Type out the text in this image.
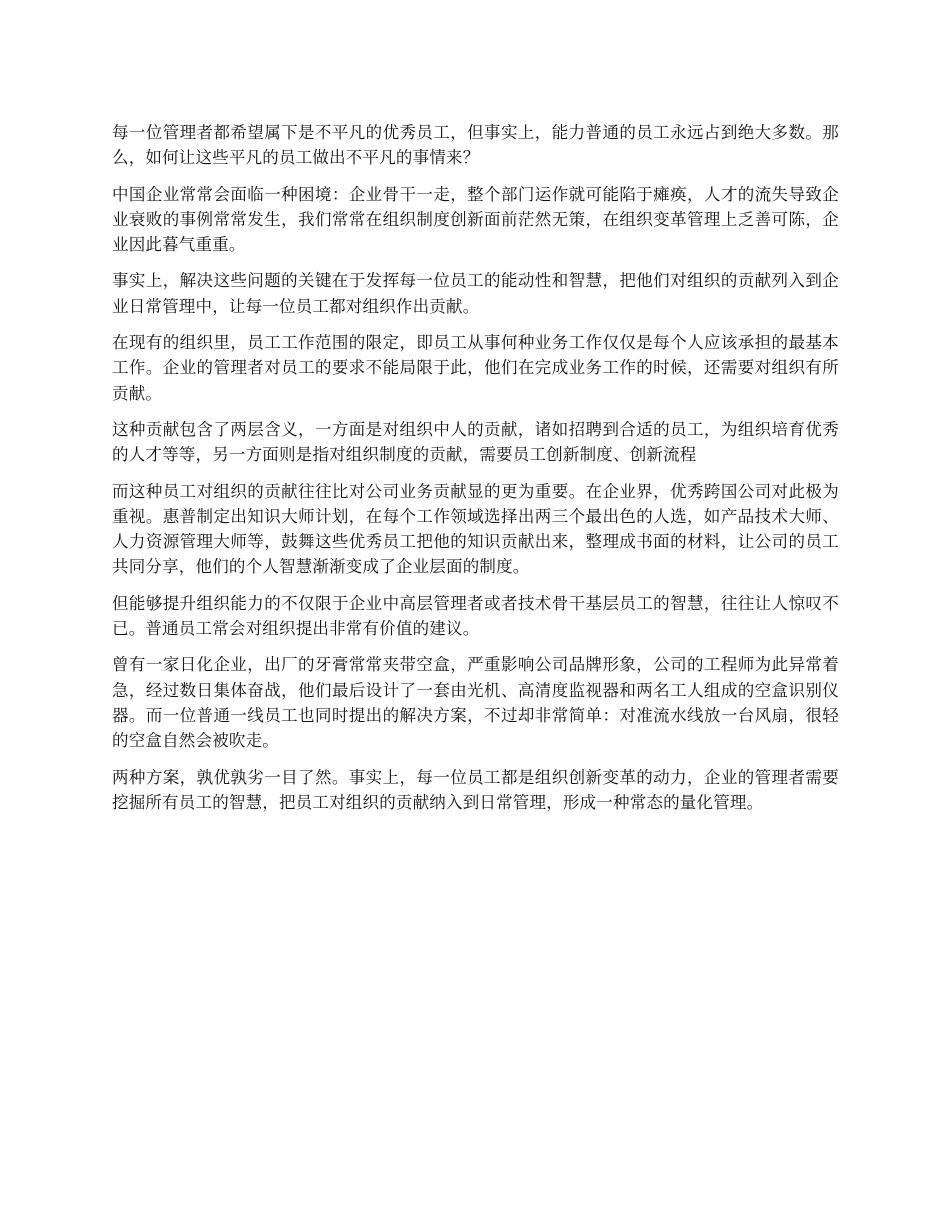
每一位管理者都希望属下是不平凡的优秀员工，但事实上，能力普通的员工永远占到绝大多数。那么，如何让这些平凡的员工做出不平凡的事情来？

中国企业常常会面临一种困境：企业骨干一走，整个部门运作就可能陷于瘫痪，人才的流失导致企业衰败的事例常常发生，我们常常在组织制度创新面前茫然无策，在组织变革管理上乏善可陈，企业因此暮气重重。

事实上，解决这些问题的关键在于发挥每一位员工的能动性和智慧，把他们对组织的贡献列入到企业日常管理中，让每一位员工都对组织作出贡献。

在现有的组织里，员工工作范围的限定，即员工从事何种业务工作仅仅是每个人应该承担的最基本工作。企业的管理者对员工的要求不能局限于此，他们在完成业务工作的时候，还需要对组织有所贡献。

这种贡献包含了两层含义，一方面是对组织中人的贡献，诸如招聘到合适的员工，为组织培育优秀的人才等等，另一方面则是指对组织制度的贡献，需要员工创新制度、创新流程

而这种员工对组织的贡献往往比对公司业务贡献显的更为重要。在企业界，优秀跨国公司对此极为重视。惠普制定出知识大师计划，在每个工作领域选择出两三个最出色的人选，如产品技术大师、人力资源管理大师等，鼓舞这些优秀员工把他的知识贡献出来，整理成书面的材料，让公司的员工共同分享，他们的个人智慧渐渐变成了企业层面的制度。

但能够提升组织能力的不仅限于企业中高层管理者或者技术骨干基层员工的智慧，往往让人惊叹不已。普通员工常会对组织提出非常有价值的建议。

曾有一家日化企业，出厂的牙膏常常夹带空盒，严重影响公司品牌形象，公司的工程师为此异常着急，经过数日集体奋战，他们最后设计了一套由光机、高清度监视器和两名工人组成的空盒识别仪器。而一位普通一线员工也同时提出的解决方案，不过却非常简单：对准流水线放一台风扇，很轻的空盒自然会被吹走。

两种方案，孰优孰劣一目了然。事实上，每一位员工都是组织创新变革的动力，企业的管理者需要挖掘所有员工的智慧，把员工对组织的贡献纳入到日常管理，形成一种常态的量化管理。
